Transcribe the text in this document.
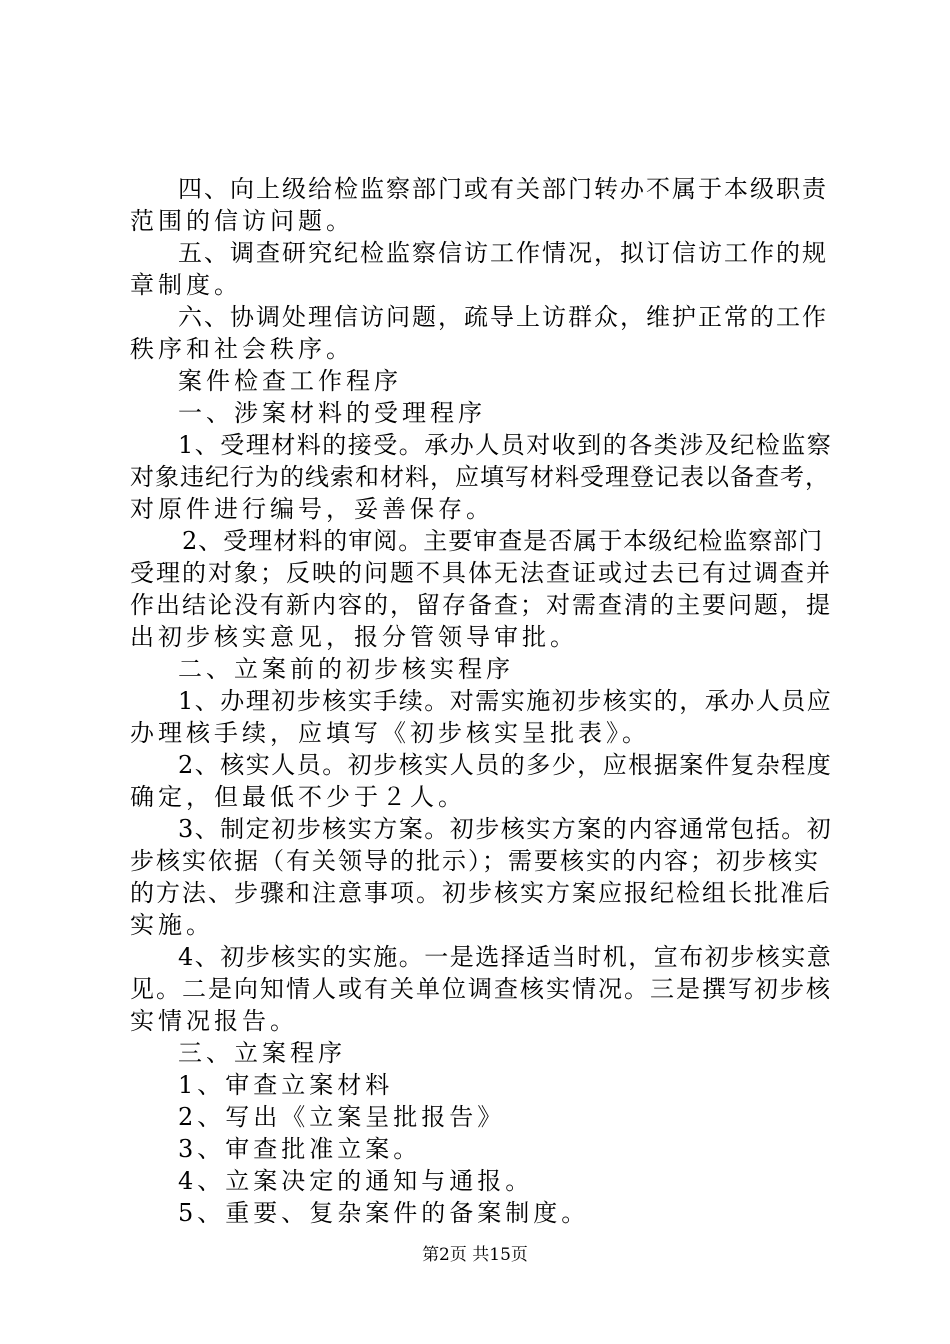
四、向上级给检监察部门或有关部门转办不属于本级职责
范围的信访问题。
五、调查研究纪检监察信访工作情况，拟订信访工作的规
章制度。
六、协调处理信访问题，疏导上访群众，维护正常的工作
秩序和社会秩序。
案件检查工作程序
一、涉案材料的受理程序
1、受理材料的接受。承办人员对收到的各类涉及纪检监察
对象违纪行为的线索和材料，应填写材料受理登记表以备查考，
对原件进行编号，妥善保存。
2、受理材料的审阅。主要审查是否属于本级纪检监察部门
受理的对象；反映的问题不具体无法查证或过去已有过调查并
作出结论没有新内容的，留存备查；对需查清的主要问题，提
出初步核实意见，报分管领导审批。
二、立案前的初步核实程序
1、办理初步核实手续。对需实施初步核实的，承办人员应
办理核手续，应填写《初步核实呈批表》。
2、核实人员。初步核实人员的多少，应根据案件复杂程度
确定，但最低不少于２人。
3、制定初步核实方案。初步核实方案的内容通常包括。初
步核实依据（有关领导的批示）；需要核实的内容；初步核实
的方法、步骤和注意事项。初步核实方案应报纪检组长批准后
实施。
4、初步核实的实施。一是选择适当时机，宣布初步核实意
见。二是向知情人或有关单位调查核实情况。三是撰写初步核
实情况报告。
三、立案程序
1、审查立案材料
2、写出《立案呈批报告》
3、审查批准立案。
4、立案决定的通知与通报。
5、重要、复杂案件的备案制度。
第2页 共15页
